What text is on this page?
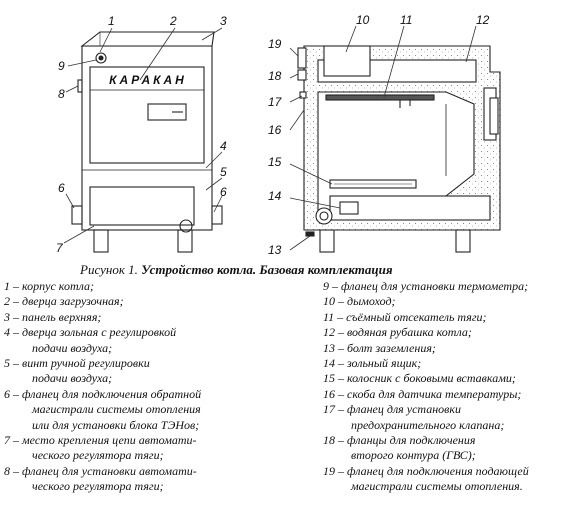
КАРАКАН
1	2	3
4
5
6
6
7
8
9
10	11	12
13
14
15
16
17
18
19
Рисунок 1. Устройство котла. Базовая комплектация
1 – корпус котла;
2 – дверца загрузочная;
3 – панель верхняя;
4 – дверца зольная с регулировкой
подачи воздуха;
5 – винт ручной регулировки
подачи воздуха;
6 – фланец для подключения обратной
магистрали системы отопления
или для установки блока ТЭНов;
7 – место крепления цепи автомати-
ческого регулятора тяги;
8 – фланец для установки автомати-
ческого регулятора тяги;
9 – фланец для установки термометра;
10 – дымоход;
11 – съёмный отсекатель тяги;
12 – водяная рубашка котла;
13 – болт заземления;
14 – зольный ящик;
15 – колосник с боковыми вставками;
16 – скоба для датчика температуры;
17 – фланец для установки
предохранительного клапана;
18 – фланцы для подключения
второго контура (ГВС);
19 – фланец для подключения подающей
магистрали системы отопления.
